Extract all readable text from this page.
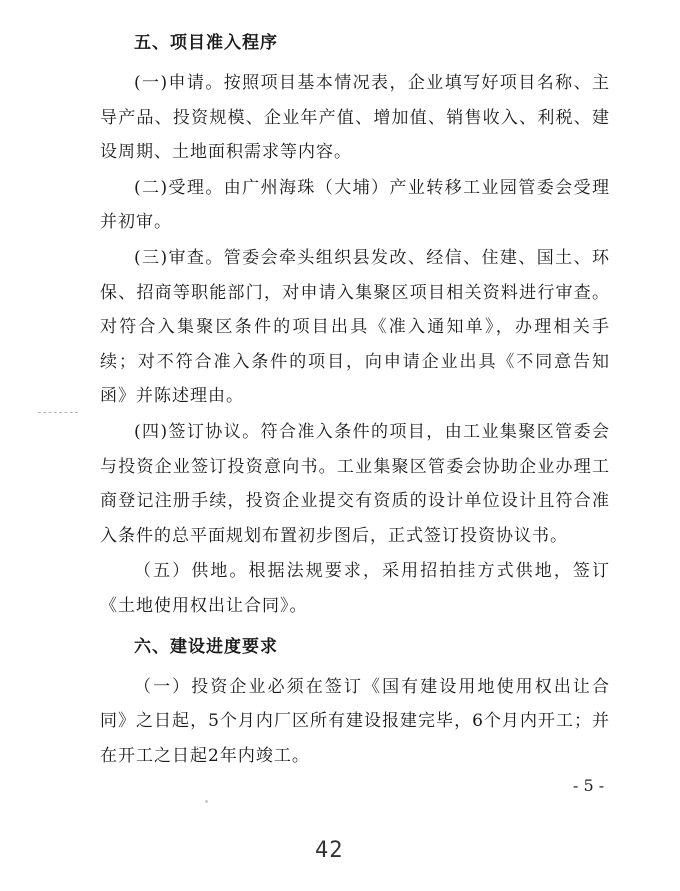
五、项目准入程序

(一)申请。按照项目基本情况表，企业填写好项目名称、主导产品、投资规模、企业年产值、增加值、销售收入、利税、建设周期、土地面积需求等内容。

(二)受理。由广州海珠（大埔）产业转移工业园管委会受理并初审。

(三)审查。管委会牵头组织县发改、经信、住建、国土、环保、招商等职能部门，对申请入集聚区项目相关资料进行审查。对符合入集聚区条件的项目出具《准入通知单》，办理相关手续；对不符合准入条件的项目，向申请企业出具《不同意告知函》并陈述理由。

(四)签订协议。符合准入条件的项目，由工业集聚区管委会与投资企业签订投资意向书。工业集聚区管委会协助企业办理工商登记注册手续，投资企业提交有资质的设计单位设计且符合准入条件的总平面规划布置初步图后，正式签订投资协议书。

（五）供地。根据法规要求，采用招拍挂方式供地，签订《土地使用权出让合同》。

六、建设进度要求

（一）投资企业必须在签订《国有建设用地使用权出让合同》之日起，5个月内厂区所有建设报建完毕，6个月内开工；并在开工之日起2年内竣工。

- 5 -
42
